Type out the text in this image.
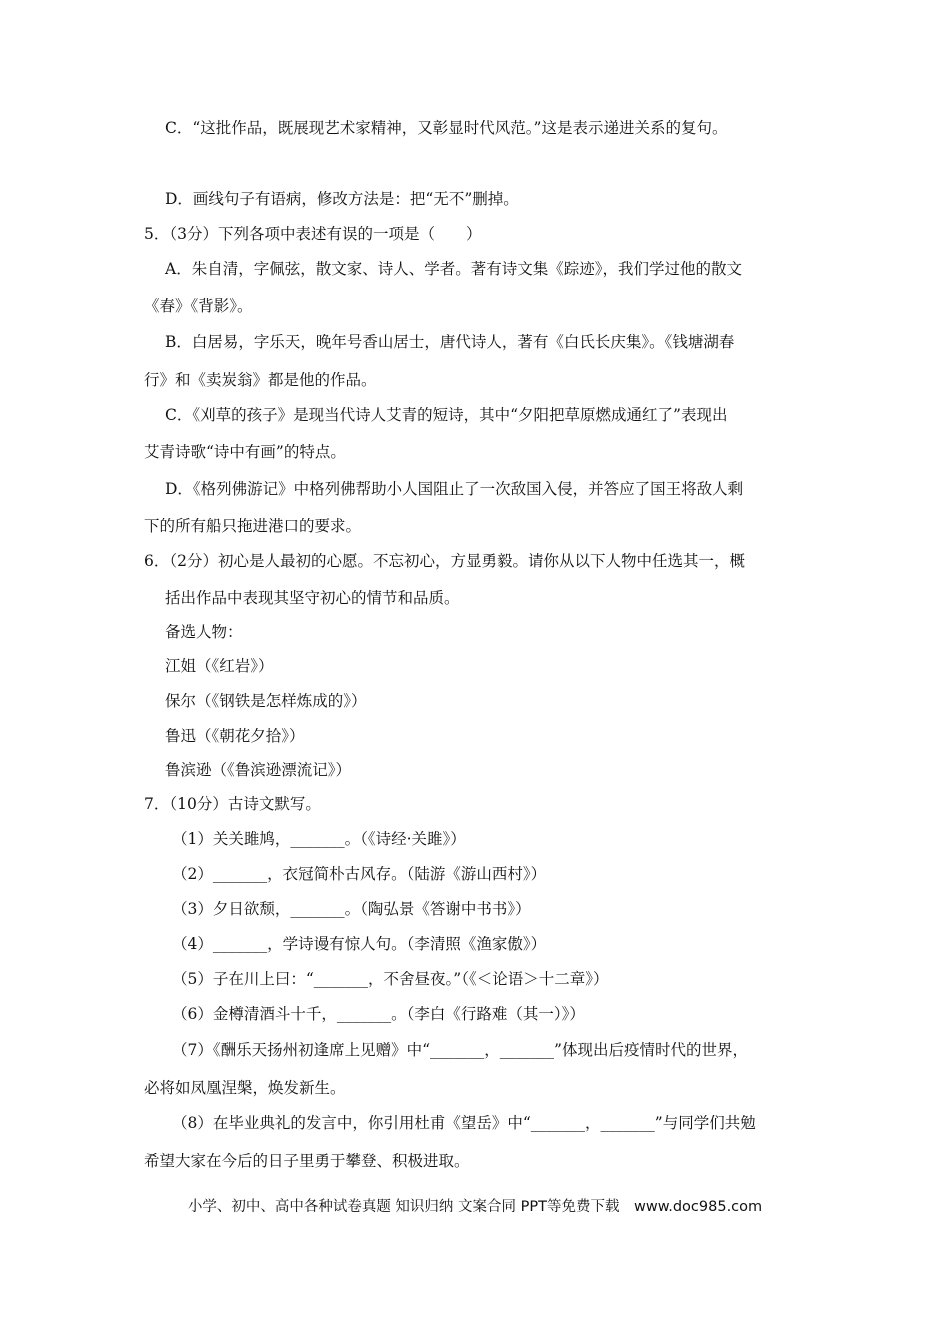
C．“这批作品，既展现艺术家精神，又彰显时代风范。”这是表示递进关系的复句。
D．画线句子有语病，修改方法是：把“无不”删掉。
5．（3分）下列各项中表述有误的一项是（　　）
A．朱自清，字佩弦，散文家、诗人、学者。著有诗文集《踪迹》，我们学过他的散文
《春》《背影》。
B．白居易，字乐天，晚年号香山居士，唐代诗人，著有《白氏长庆集》。《钱塘湖春
行》和《卖炭翁》都是他的作品。
C．《刈草的孩子》是现当代诗人艾青的短诗，其中“夕阳把草原燃成通红了”表现出
艾青诗歌“诗中有画”的特点。
D．《格列佛游记》中格列佛帮助小人国阻止了一次敌国入侵，并答应了国王将敌人剩
下的所有船只拖进港口的要求。
6．（2分）初心是人最初的心愿。不忘初心，方显勇毅。请你从以下人物中任选其一，概
括出作品中表现其坚守初心的情节和品质。
备选人物：
江姐（《红岩》）
保尔（《钢铁是怎样炼成的》）
鲁迅（《朝花夕拾》）
鲁滨逊（《鲁滨逊漂流记》）
7．（10分）古诗文默写。
（1）关关雎鸠，_______。（《诗经·关雎》）
（2）_______，衣冠简朴古风存。（陆游《游山西村》）
（3）夕日欲颓，_______。（陶弘景《答谢中书书》）
（4）_______，学诗谩有惊人句。（李清照《渔家傲》）
（5）子在川上曰：“_______，不舍昼夜。”（《＜论语＞十二章》）
（6）金樽清酒斗十千，_______。（李白《行路难（其一）》）
（7）《酬乐天扬州初逢席上见赠》中“_______，_______”体现出后疫情时代的世界，
必将如凤凰涅槃，焕发新生。
（8）在毕业典礼的发言中，你引用杜甫《望岳》中“_______，_______”与同学们共勉
希望大家在今后的日子里勇于攀登、积极进取。
小学、初中、高中各种试卷真题 知识归纳 文案合同 PPT等免费下载　www.doc985.com
